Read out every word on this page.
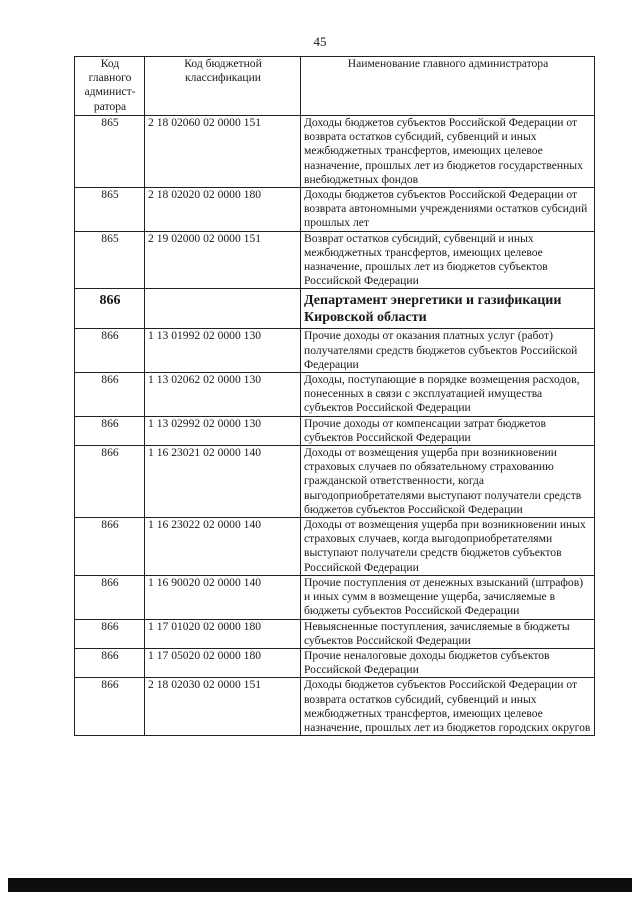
45
Код главного админист-ратора	Код бюджетной классификации	Наименование главного администратора
865	2 18 02060 02 0000 151	Доходы бюджетов субъектов Российской Федерации от возврата остатков субсидий, субвенций и иных межбюджетных трансфертов, имеющих целевое назначение, прошлых лет из бюджетов государственных внебюджетных фондов
865	2 18 02020 02 0000 180	Доходы бюджетов субъектов Российской Федерации от возврата автономными учреждениями остатков субсидий прошлых лет
865	2 19 02000 02 0000 151	Возврат остатков субсидий, субвенций и иных межбюджетных трансфертов, имеющих целевое назначение, прошлых лет из бюджетов субъектов Российской Федерации
866		Департамент энергетики и газификации Кировской области
866	1 13 01992 02 0000 130	Прочие доходы от оказания платных услуг (работ) получателями средств бюджетов субъектов Российской Федерации
866	1 13 02062 02 0000 130	Доходы, поступающие в порядке возмещения расходов, понесенных в связи с эксплуатацией имущества субъектов Российской Федерации
866	1 13 02992 02 0000 130	Прочие доходы от компенсации затрат бюджетов субъектов Российской Федерации
866	1 16 23021 02 0000 140	Доходы от возмещения ущерба при возникновении страховых случаев по обязательному страхованию гражданской ответственности, когда выгодоприобретателями выступают получатели средств бюджетов субъектов Российской Федерации
866	1 16 23022 02 0000 140	Доходы от возмещения ущерба при возникновении иных страховых случаев, когда выгодоприобретателями выступают получатели средств бюджетов субъектов Российской Федерации
866	1 16 90020 02 0000 140	Прочие поступления от денежных взысканий (штрафов) и иных сумм в возмещение ущерба, зачисляемые в бюджеты субъектов Российской Федерации
866	1 17 01020 02 0000 180	Невыясненные поступления, зачисляемые в бюджеты субъектов Российской Федерации
866	1 17 05020 02 0000 180	Прочие неналоговые доходы бюджетов субъектов Российской Федерации
866	2 18 02030 02 0000 151	Доходы бюджетов субъектов Российской Федерации от возврата остатков субсидий, субвенций и иных межбюджетных трансфертов, имеющих целевое назначение, прошлых лет из бюджетов городских округов
